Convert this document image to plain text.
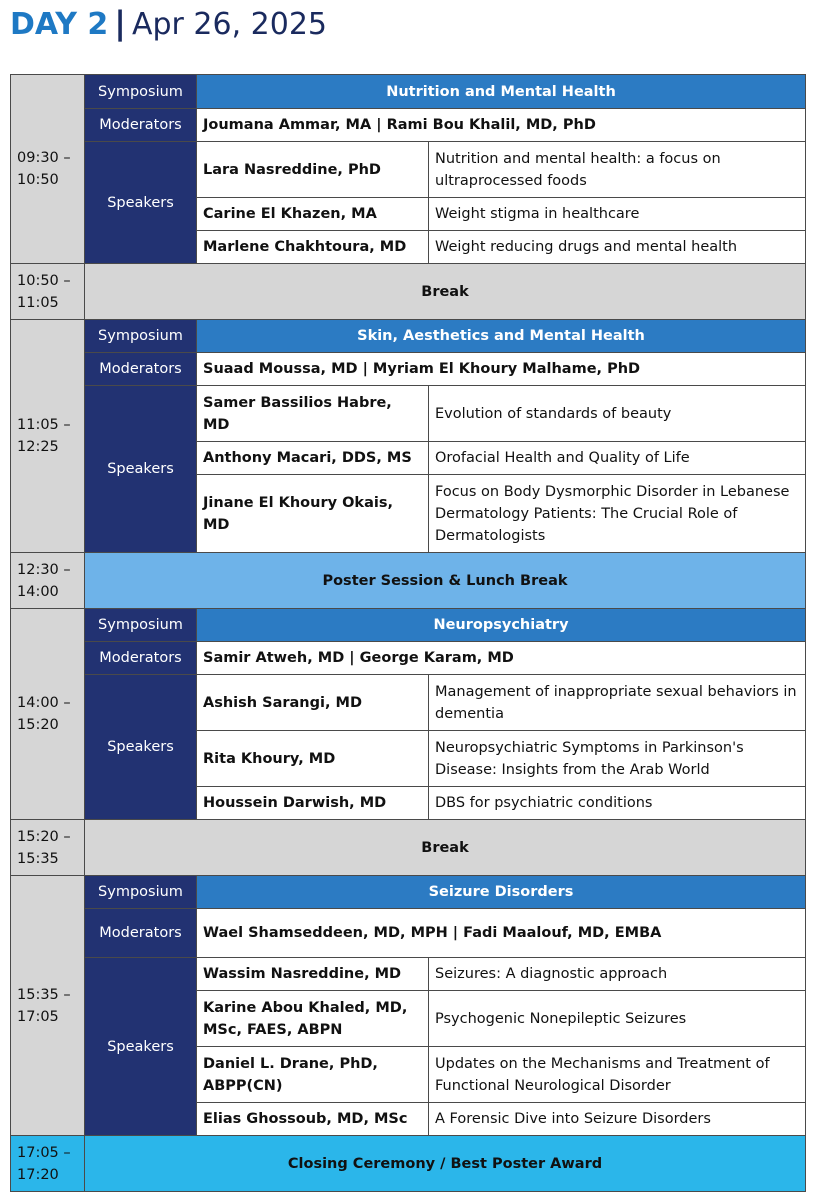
DAY 2 | Apr 26, 2025
09:30 – 10:50	Symposium	Nutrition and Mental Health	
	Moderators	Joumana Ammar, MA | Rami Bou Khalil, MD, PhD	
	Speakers	Lara Nasreddine, PhD	Nutrition and mental health: a focus on ultraprocessed foods
		Carine El Khazen, MA	Weight stigma in healthcare
		Marlene Chakhtoura, MD	Weight reducing drugs and mental health
10:50 – 11:05	Break		
11:05 – 12:25	Symposium	Skin, Aesthetics and Mental Health	
	Moderators	Suaad Moussa, MD | Myriam El Khoury Malhame, PhD	
	Speakers	Samer Bassilios Habre, MD	Evolution of standards of beauty
		Anthony Macari, DDS, MS	Orofacial Health and Quality of Life
		Jinane El Khoury Okais, MD	Focus on Body Dysmorphic Disorder in Lebanese Dermatology Patients: The Crucial Role of Dermatologists
12:30 – 14:00	Poster Session & Lunch Break		
14:00 – 15:20	Symposium	Neuropsychiatry	
	Moderators	Samir Atweh, MD | George Karam, MD	
	Speakers	Ashish Sarangi, MD	Management of inappropriate sexual behaviors in dementia
		Rita Khoury, MD	Neuropsychiatric Symptoms in Parkinson's Disease: Insights from the Arab World
		Houssein Darwish, MD	DBS for psychiatric conditions
15:20 – 15:35	Break		
15:35 – 17:05	Symposium	Seizure Disorders	
	Moderators	Wael Shamseddeen, MD, MPH | Fadi Maalouf, MD, EMBA	
	Speakers	Wassim Nasreddine, MD	Seizures: A diagnostic approach
		Karine Abou Khaled, MD, MSc, FAES, ABPN	Psychogenic Nonepileptic Seizures
		Daniel L. Drane, PhD, ABPP(CN)	Updates on the Mechanisms and Treatment of Functional Neurological Disorder
		Elias Ghossoub, MD, MSc	A Forensic Dive into Seizure Disorders
17:05 – 17:20	Closing Ceremony / Best Poster Award		
